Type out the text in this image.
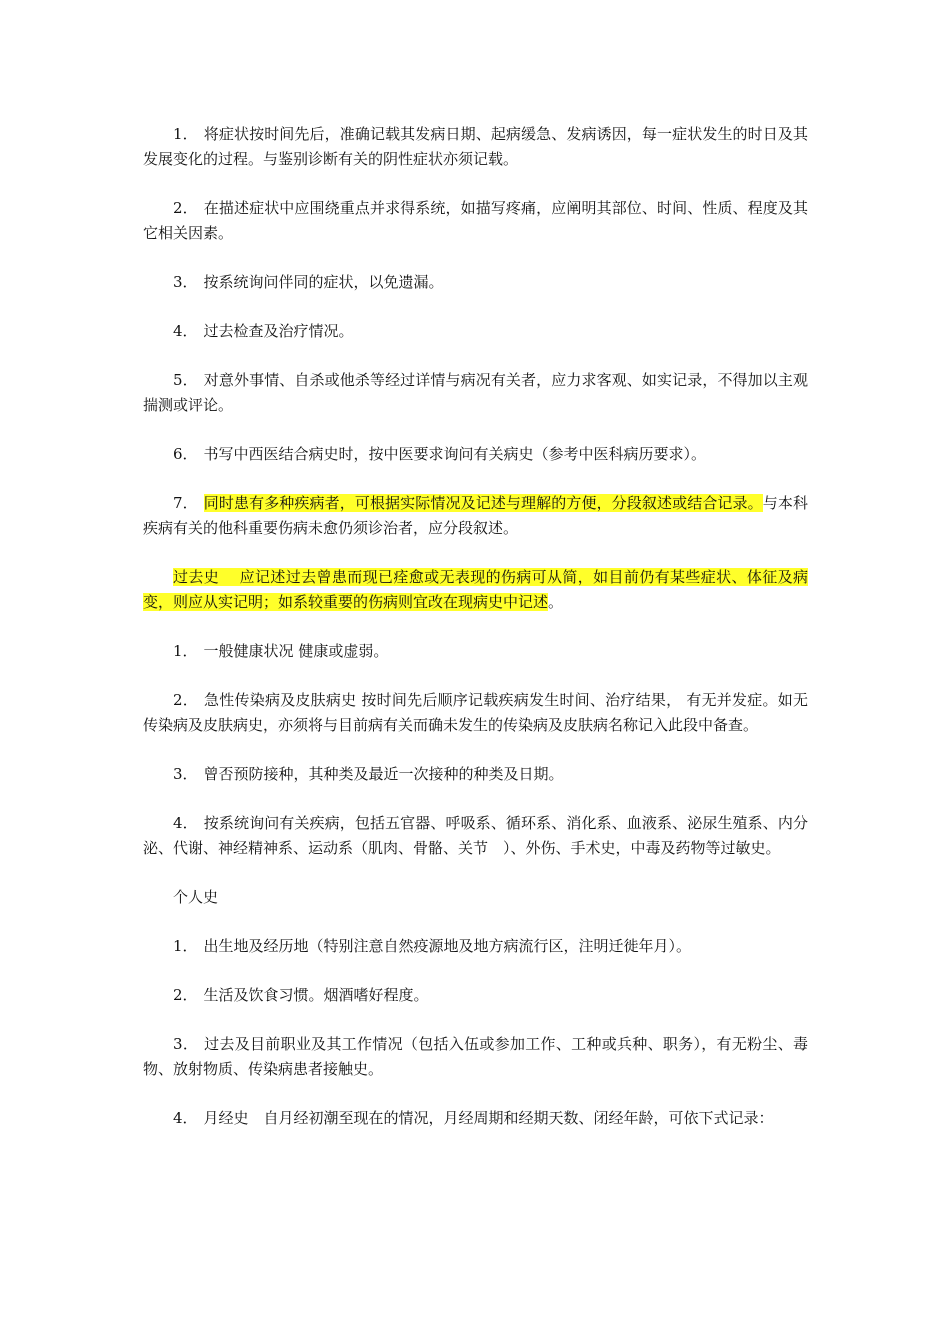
1． 将症状按时间先后，准确记载其发病日期、起病缓急、发病诱因，每一症状发生的时日及其发展变化的过程。与鉴别诊断有关的阴性症状亦须记载。

2． 在描述症状中应围绕重点并求得系统，如描写疼痛，应阐明其部位、时间、性质、程度及其它相关因素。

3． 按系统询问伴同的症状，以免遗漏。

4． 过去检查及治疗情况。

5． 对意外事情、自杀或他杀等经过详情与病况有关者，应力求客观、如实记录，不得加以主观揣测或评论。

6． 书写中西医结合病史时，按中医要求询问有关病史（参考中医科病历要求）。

7． 同时患有多种疾病者，可根据实际情况及记述与理解的方便，分段叙述或结合记录。与本科疾病有关的他科重要伤病未愈仍须诊治者，应分段叙述。

过去史　 应记述过去曾患而现已痊愈或无表现的伤病可从简，如目前仍有某些症状、体征及病变，则应从实记明；如系较重要的伤病则宜改在现病史中记述。

1． 一般健康状况 健康或虚弱。

2． 急性传染病及皮肤病史 按时间先后顺序记载疾病发生时间、治疗结果， 有无并发症。如无传染病及皮肤病史，亦须将与目前病有关而确未发生的传染病及皮肤病名称记入此段中备查。

3． 曾否预防接种，其种类及最近一次接种的种类及日期。

4． 按系统询问有关疾病，包括五官器、呼吸系、循环系、消化系、血液系、泌尿生殖系、内分泌、代谢、神经精神系、运动系（肌肉、骨骼、关节　）、外伤、手术史，中毒及药物等过敏史。

个人史

1． 出生地及经历地（特别注意自然疫源地及地方病流行区，注明迁徙年月）。

2． 生活及饮食习惯。烟酒嗜好程度。

3． 过去及目前职业及其工作情况（包括入伍或参加工作、工种或兵种、职务），有无粉尘、毒物、放射物质、传染病患者接触史。

4． 月经史　自月经初潮至现在的情况，月经周期和经期天数、闭经年龄，可依下式记录：
